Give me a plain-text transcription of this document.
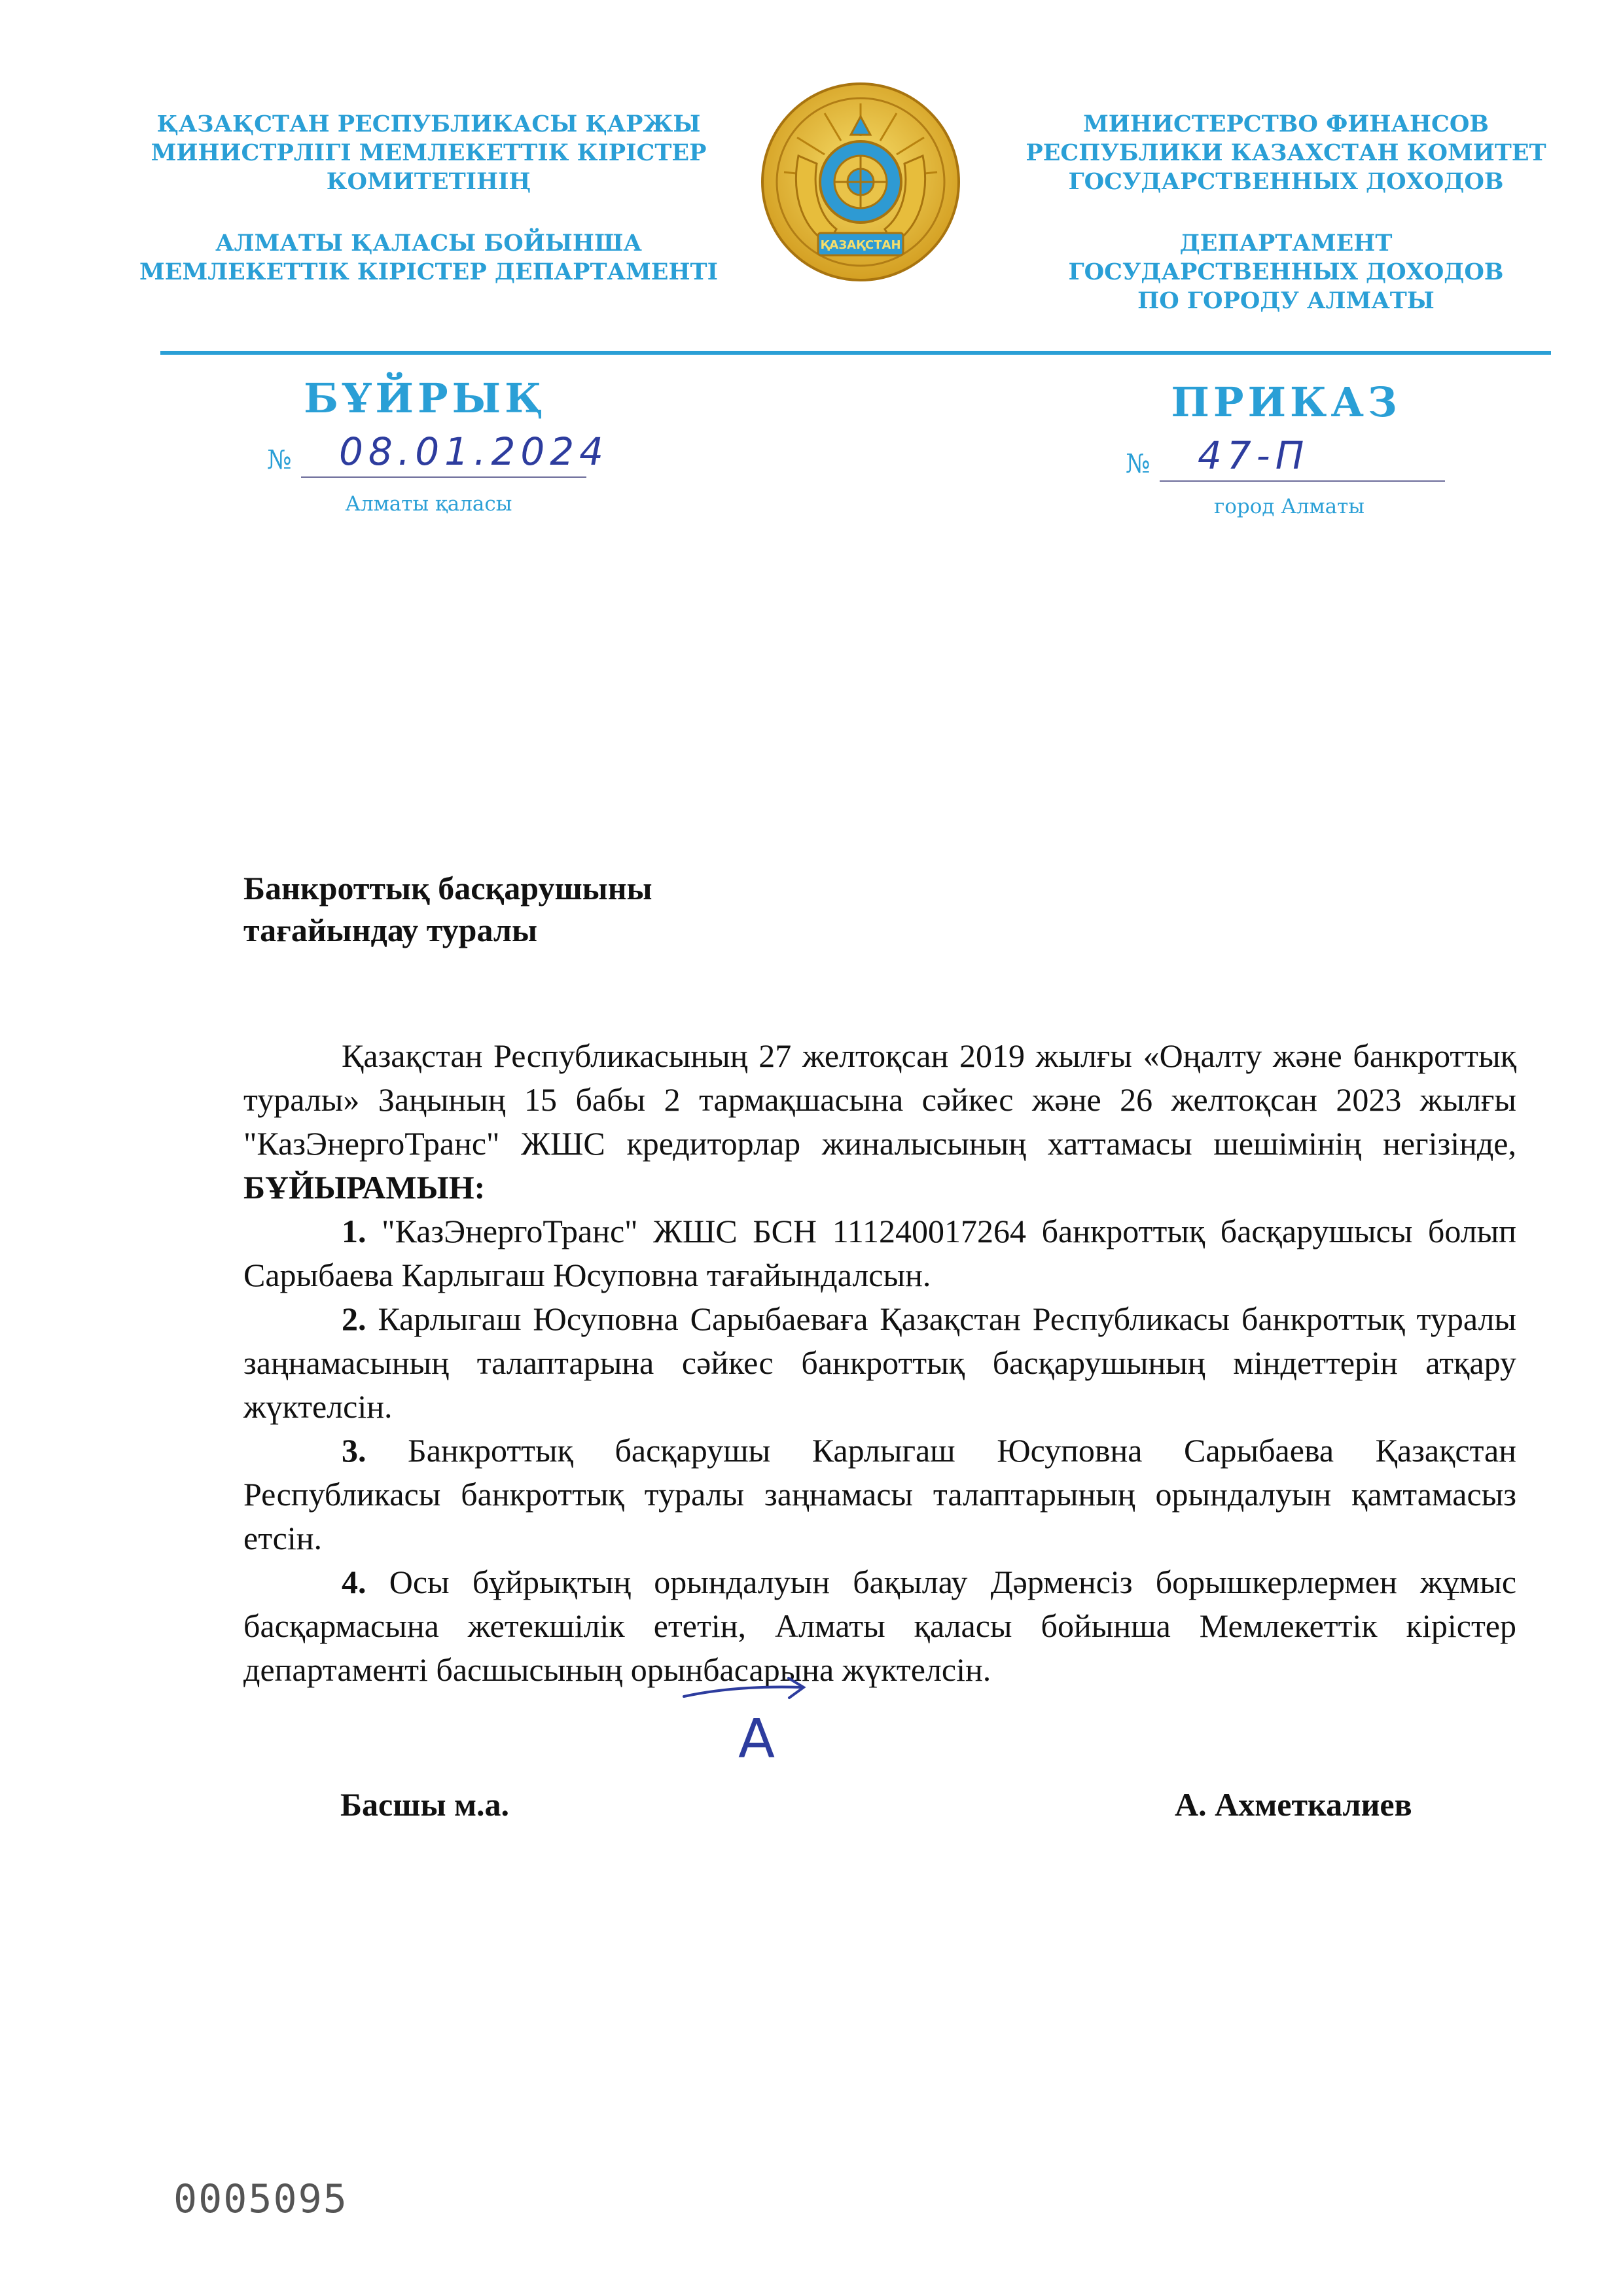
ҚАЗАҚСТАН РЕСПУБЛИКАСЫ ҚАРЖЫ
МИНИСТРЛІГІ МЕМЛЕКЕТТІК КІРІСТЕР
КОМИТЕТІНІҢ
АЛМАТЫ ҚАЛАСЫ БОЙЫНША
МЕМЛЕКЕТТІК КІРІСТЕР ДЕПАРТАМЕНТІ
ҚАЗАҚСТАН
МИНИСТЕРСТВО ФИНАНСОВ
РЕСПУБЛИКИ КАЗАХСТАН КОМИТЕТ
ГОСУДАРСТВЕННЫХ ДОХОДОВ
ДЕПАРТАМЕНТ
ГОСУДАРСТВЕННЫХ ДОХОДОВ
ПО ГОРОДУ АЛМАТЫ
БҰЙРЫҚ	ПРИКАЗ
№ 08.01.2024	№ 47-П
Алматы қаласы	город Алматы
Банкроттық басқарушыны
тағайындау туралы

Қазақстан Республикасының 27 желтоқсан 2019 жылғы «Оңалту және банкроттық туралы» Заңының 15 бабы 2 тармақшасына сәйкес және 26 желтоқсан 2023 жылғы "КазЭнергоТранс" ЖШС кредиторлар жиналысының хаттамасы шешімінің негізінде, БҰЙЫРАМЫН:

1. "КазЭнергоТранс" ЖШС БСН 111240017264 банкроттық басқарушысы болып Сарыбаева Карлыгаш Юсуповна тағайындалсын.

2. Карлыгаш Юсуповна Сарыбаеваға Қазақстан Республикасы банкроттық туралы заңнамасының талаптарына сәйкес банкроттық басқарушының міндеттерін атқару жүктелсін.

3. Банкроттық басқарушы Карлыгаш Юсуповна Сарыбаева Қазақстан Республикасы банкроттық туралы заңнамасы талаптарының орындалуын қамтамасыз етсін.

4. Осы бұйрықтың орындалуын бақылау Дәрменсіз борышкерлермен жұмыс басқармасына жетекшілік ететін, Алматы қаласы бойынша Мемлекеттік кірістер департаменті басшысының орынбасарына жүктелсін.

А
Басшы м.а.	А. Ахметкалиев
0005095
